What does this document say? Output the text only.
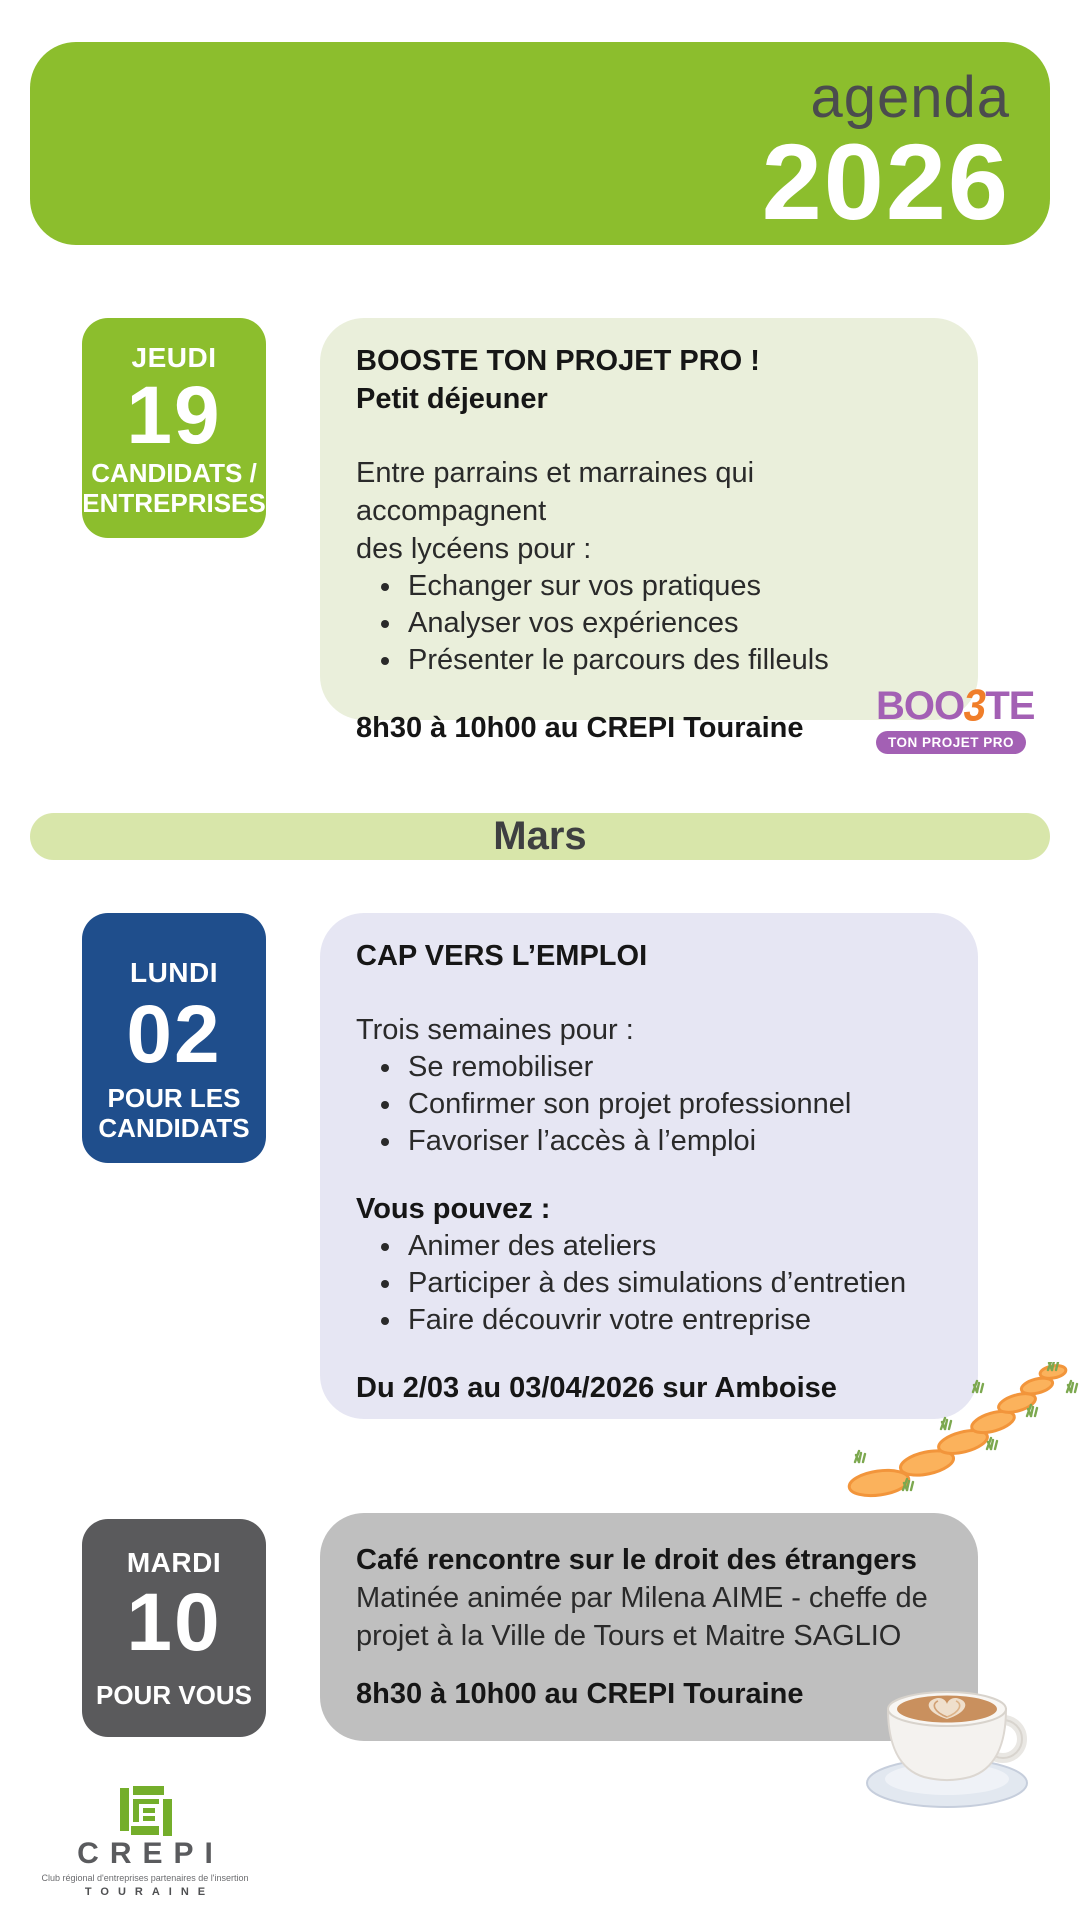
agenda
2026
JEUDI
19
CANDIDATS /
ENTREPRISES
BOOSTE TON PROJET PRO !
Petit déjeuner
Entre parrains et marraines qui accompagnent
des lycéens pour :
• Echanger sur vos pratiques
• Analyser vos expériences
• Présenter le parcours des filleuls
8h30 à 10h00 au CREPI Touraine	BOO3TE
TON PROJET PRO
Mars
LUNDI
02
POUR LES
CANDIDATS
CAP VERS L’EMPLOI
Trois semaines pour :
• Se remobiliser
• Confirmer son projet professionnel
• Favoriser l’accès à l’emploi
Vous pouvez :
• Animer des ateliers
• Participer à des simulations d’entretien
• Faire découvrir votre entreprise
Du 2/03 au 03/04/2026 sur Amboise
MARDI
10
POUR VOUS
Café rencontre sur le droit des étrangers
Matinée animée par Milena AIME - cheffe de
projet à la Ville de Tours et Maitre SAGLIO
8h30 à 10h00 au CREPI Touraine
CREPI
Club régional d'entreprises partenaires de l'insertion
TOURAINE
